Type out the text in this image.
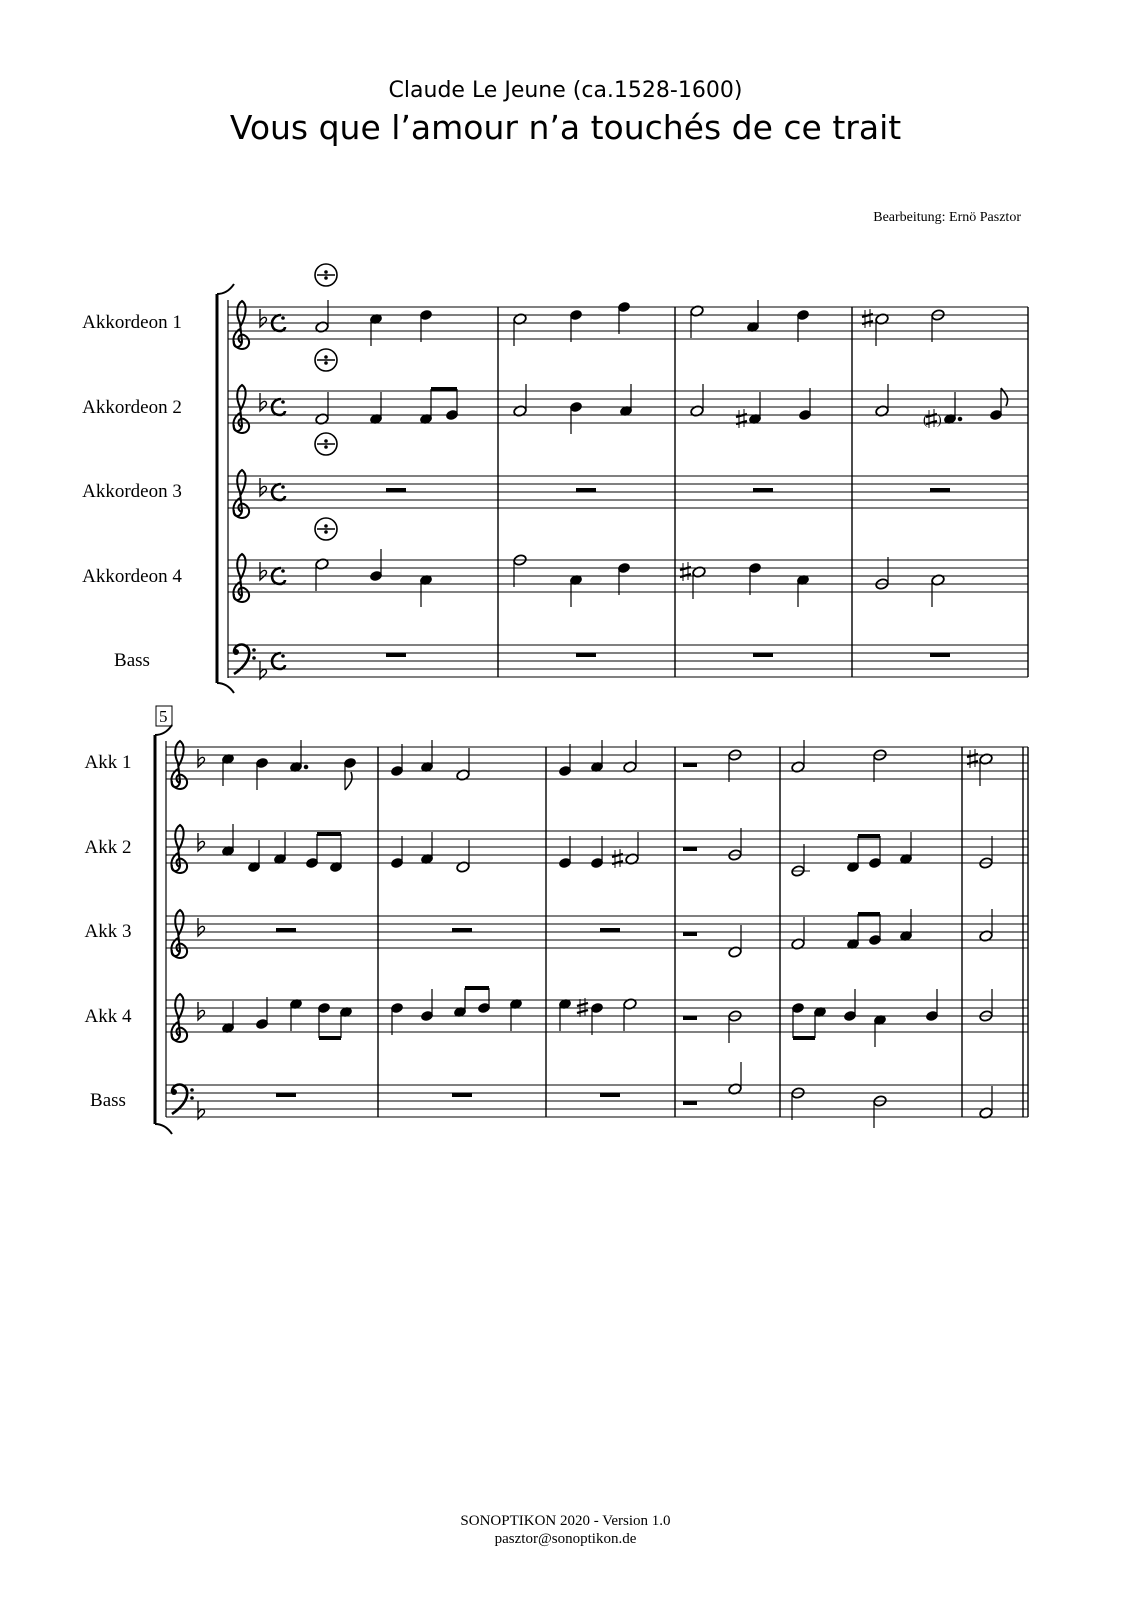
Claude Le Jeune (ca.1528-1600)
Vous que l’amour n’a touchés de ce trait
Bearbeitung: Ernö Pasztor
Akkordeon 1
Akkordeon 2
Akkordeon 3
Akkordeon 4
Bass
Akk 1
Akk 2
Akk 3
Akk 4
Bass
( )
5
SONOPTIKON 2020 - Version 1.0
pasztor@sonoptikon.de
